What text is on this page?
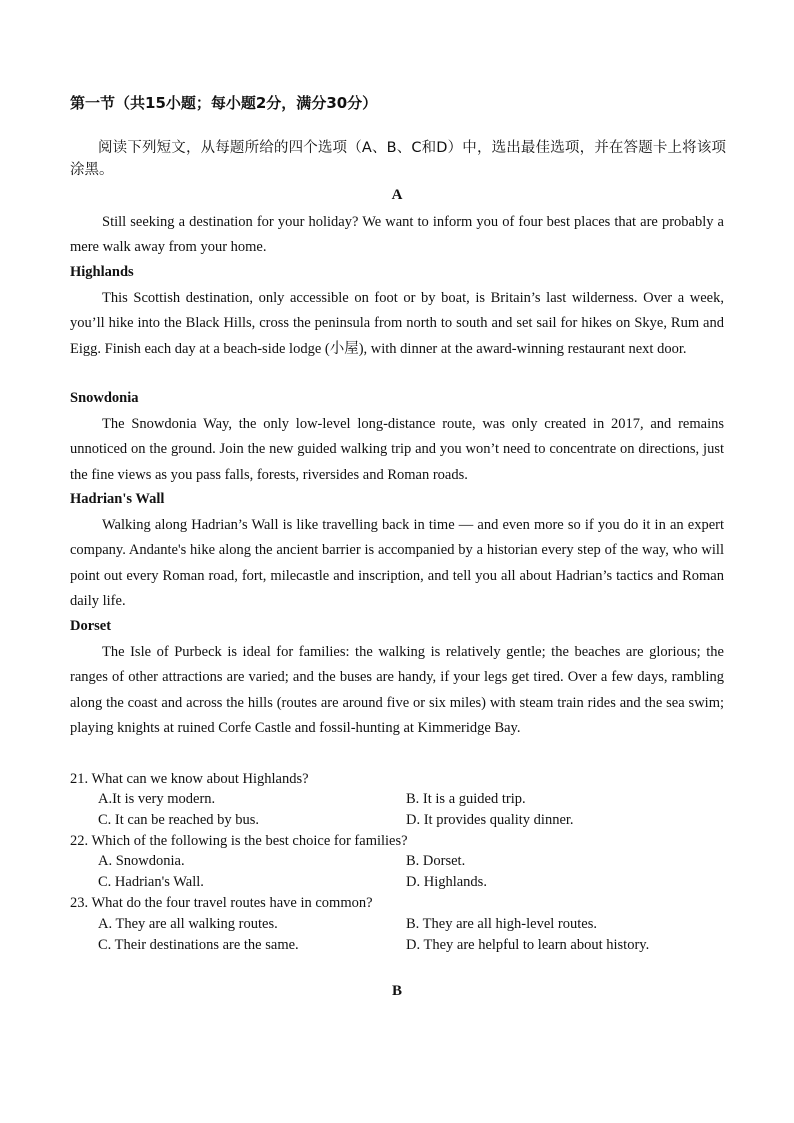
第一节（共15小题；每小题2分，满分30分）
阅读下列短文，从每题所给的四个选项（A、B、C和D）中，选出最佳选项，并在答题卡上将该项涂黑。
A
Still seeking a destination for your holiday? We want to inform you of four best places that are probably a mere walk away from your home.
Highlands
This Scottish destination, only accessible on foot or by boat, is Britain’s last wilderness. Over a week, you’ll hike into the Black Hills, cross the peninsula from north to south and set sail for hikes on Skye, Rum and Eigg. Finish each day at a beach-side lodge (小屋), with dinner at the award-winning restaurant next door.
Snowdonia
The Snowdonia Way, the only low-level long-distance route, was only created in 2017, and remains unnoticed on the ground. Join the new guided walking trip and you won’t need to concentrate on directions, just the fine views as you pass falls, forests, riversides and Roman roads.
Hadrian's Wall
Walking along Hadrian’s Wall is like travelling back in time — and even more so if you do it in an expert company. Andante's hike along the ancient barrier is accompanied by a historian every step of the way, who will point out every Roman road, fort, milecastle and inscription, and tell you all about Hadrian’s tactics and Roman daily life.
Dorset
The Isle of Purbeck is ideal for families: the walking is relatively gentle; the beaches are glorious; the ranges of other attractions are varied; and the buses are handy, if your legs get tired. Over a few days, rambling along the coast and across the hills (routes are around five or six miles) with steam train rides and the sea swim; playing knights at ruined Corfe Castle and fossil-hunting at Kimmeridge Bay.
21. What can we know about Highlands?
A.It is very modern.	B. It is a guided trip.
C. It can be reached by bus.	D. It provides quality dinner.
22. Which of the following is the best choice for families?
A. Snowdonia.	B. Dorset.
C. Hadrian's Wall.	D. Highlands.
23. What do the four travel routes have in common?
A. They are all walking routes.	B. They are all high-level routes.
C. Their destinations are the same.	D. They are helpful to learn about history.
B
